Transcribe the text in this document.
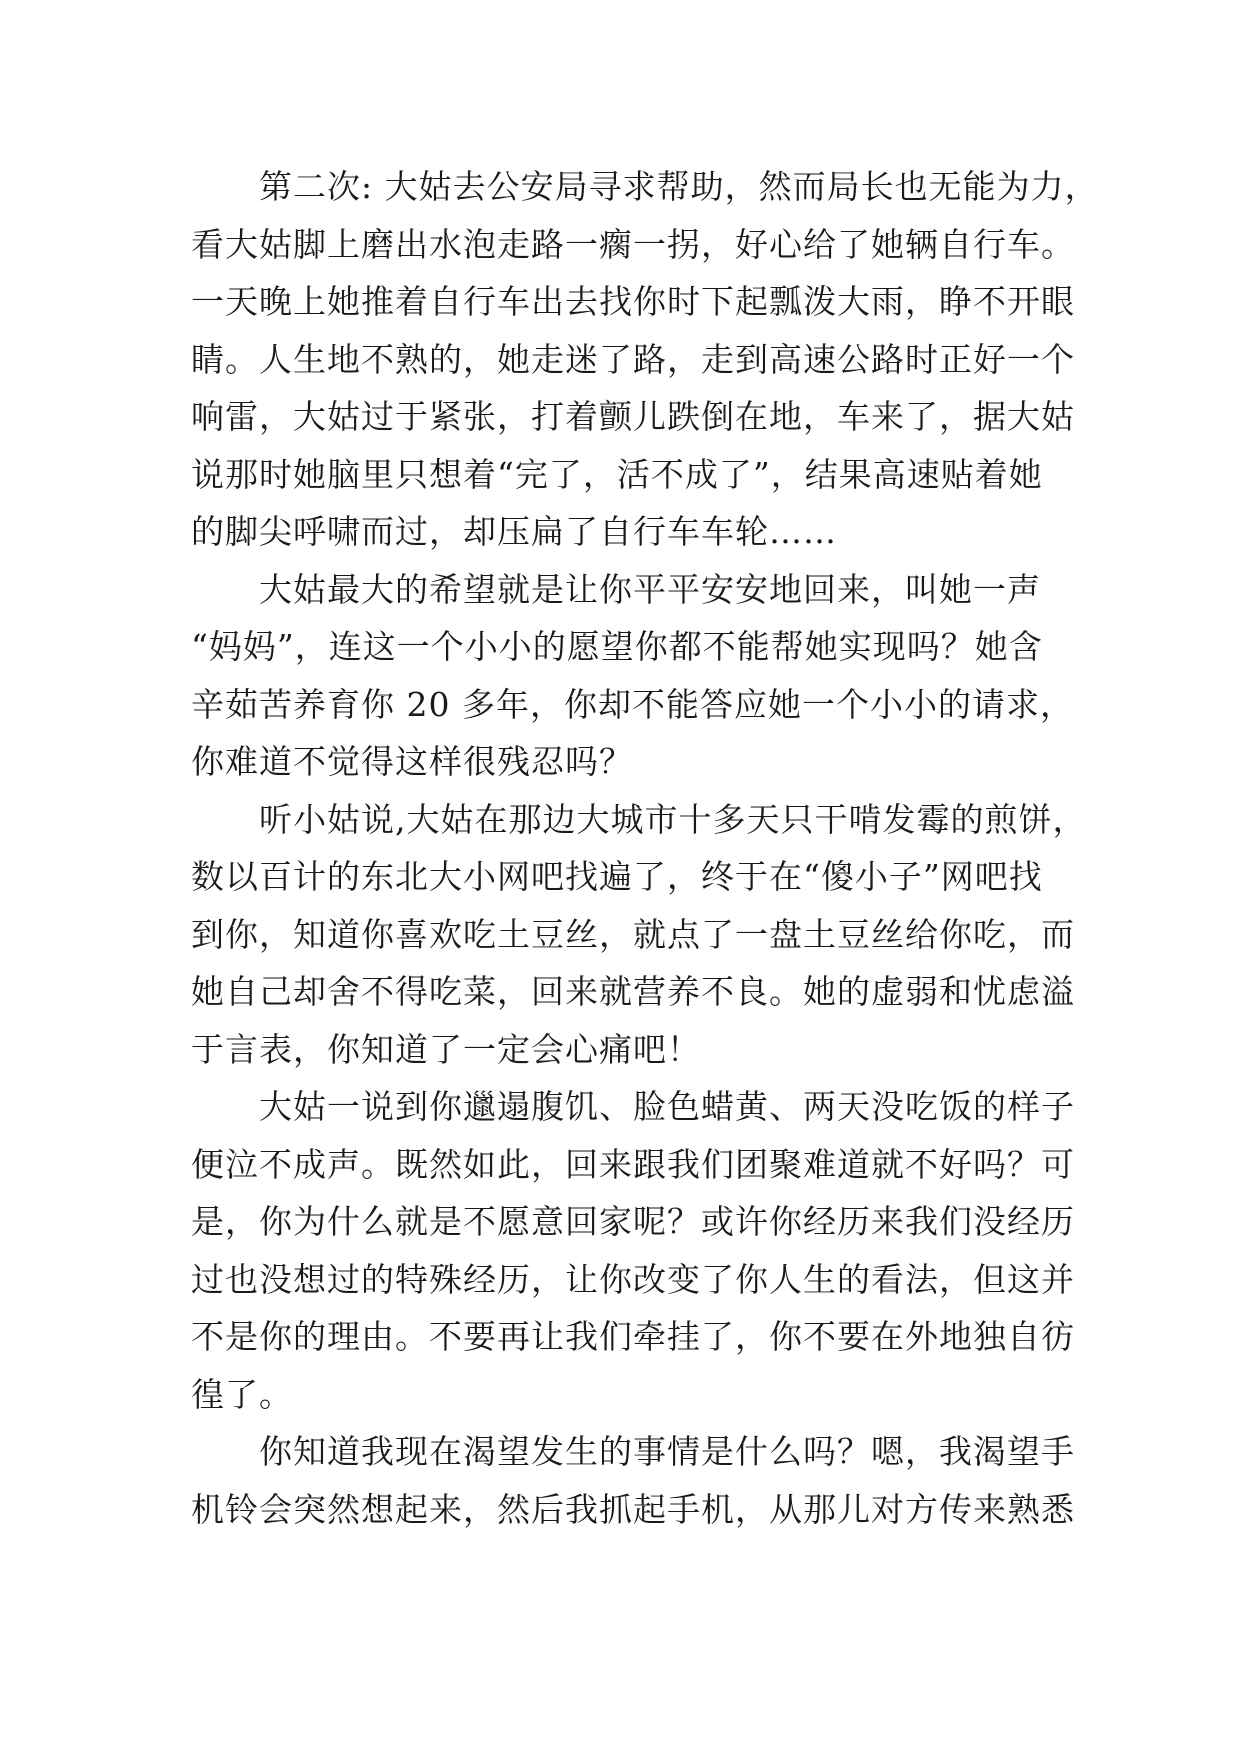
第二次: 大姑去公安局寻求帮助，然而局长也无能为力，
看大姑脚上磨出水泡走路一瘸一拐，好心给了她辆自行车。
一天晚上她推着自行车出去找你时下起瓢泼大雨，睁不开眼
睛。人生地不熟的，她走迷了路，走到高速公路时正好一个
响雷，大姑过于紧张，打着颤儿跌倒在地，车来了，据大姑
说那时她脑里只想着“完了，活不成了”，结果高速贴着她
的脚尖呼啸而过，却压扁了自行车车轮……
大姑最大的希望就是让你平平安安地回来，叫她一声
“妈妈”，连这一个小小的愿望你都不能帮她实现吗？她含
辛茹苦养育你 20 多年，你却不能答应她一个小小的请求，
你难道不觉得这样很残忍吗？
听小姑说,大姑在那边大城市十多天只干啃发霉的煎饼，
数以百计的东北大小网吧找遍了，终于在“傻小子”网吧找
到你，知道你喜欢吃土豆丝，就点了一盘土豆丝给你吃，而
她自己却舍不得吃菜，回来就营养不良。她的虚弱和忧虑溢
于言表，你知道了一定会心痛吧！
大姑一说到你邋遢腹饥、脸色蜡黄、两天没吃饭的样子
便泣不成声。既然如此，回来跟我们团聚难道就不好吗？可
是，你为什么就是不愿意回家呢？或许你经历来我们没经历
过也没想过的特殊经历，让你改变了你人生的看法，但这并
不是你的理由。不要再让我们牵挂了，你不要在外地独自彷
徨了。
你知道我现在渴望发生的事情是什么吗？嗯，我渴望手
机铃会突然想起来，然后我抓起手机，从那儿对方传来熟悉
